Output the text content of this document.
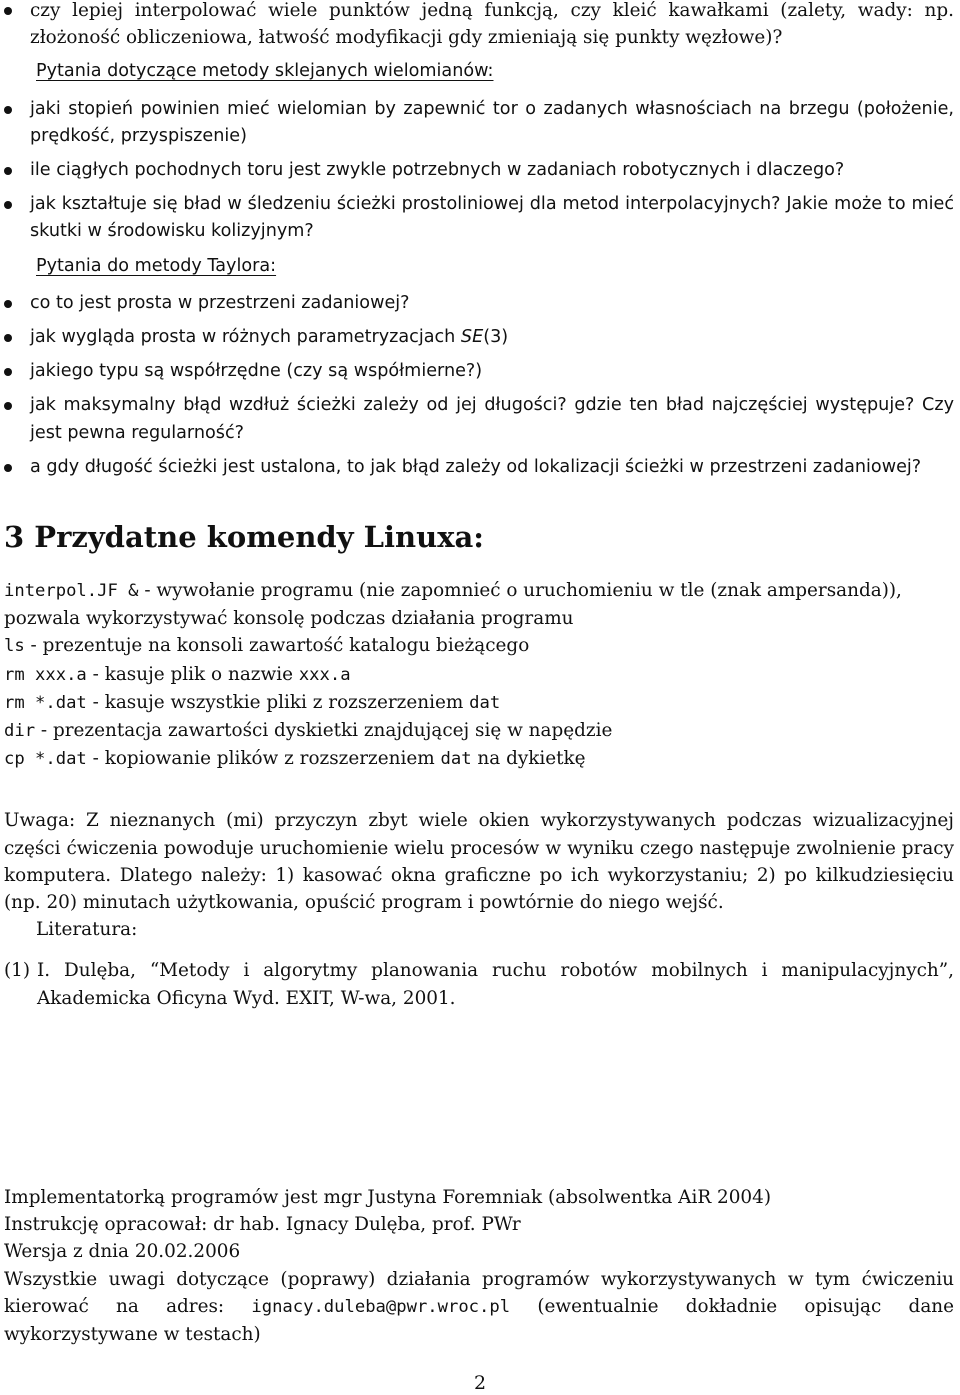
czy lepiej interpolować wiele punktów jedną funkcją, czy kleić kawałkami (zalety, wady: np. złożoność obliczeniowa, łatwość modyfikacji gdy zmieniają się punkty węzłowe)?
Pytania dotyczące metody sklejanych wielomianów:
jaki stopień powinien mieć wielomian by zapewnić tor o zadanych własnościach na brzegu (położenie, prędkość, przyspiszenie)
ile ciągłych pochodnych toru jest zwykle potrzebnych w zadaniach robotycznych i dlaczego?
jak kształtuje się bład w śledzeniu ścieżki prostoliniowej dla metod interpolacyjnych? Jakie może to mieć skutki w środowisku kolizyjnym?
Pytania do metody Taylora:
co to jest prosta w przestrzeni zadaniowej?
jak wygląda prosta w różnych parametryzacjach SE(3)
jakiego typu są współrzędne (czy są współmierne?)
jak maksymalny błąd wzdłuż ścieżki zależy od jej długości? gdzie ten bład najczęściej występuje? Czy jest pewna regularność?
a gdy długość ścieżki jest ustalona, to jak błąd zależy od lokalizacji ścieżki w przestrzeni zadaniowej?
3 Przydatne komendy Linuxa:
interpol.JF & - wywołanie programu (nie zapomnieć o uruchomieniu w tle (znak ampersanda)), pozwala wykorzystywać konsolę podczas działania programu
ls - prezentuje na konsoli zawartość katalogu bieżącego
rm xxx.a - kasuje plik o nazwie xxx.a
rm *.dat - kasuje wszystkie pliki z rozszerzeniem dat
dir - prezentacja zawartości dyskietki znajdującej się w napędzie
cp *.dat - kopiowanie plików z rozszerzeniem dat na dykietkę
Uwaga: Z nieznanych (mi) przyczyn zbyt wiele okien wykorzystywanych podczas wizualizacyjnej części ćwiczenia powoduje uruchomienie wielu procesów w wyniku czego następuje zwolnienie pracy komputera. Dlatego należy: 1) kasować okna graficzne po ich wykorzystaniu; 2) po kilkudziesięciu (np. 20) minutach użytkowania, opuścić program i powtórnie do niego wejść.
Literatura:
(1) I. Dulęba, “Metody i algorytmy planowania ruchu robotów mobilnych i manipulacyjnych”, Akademicka Oficyna Wyd. EXIT, W-wa, 2001.
Implementatorką programów jest mgr Justyna Foremniak (absolwentka AiR 2004)
Instrukcję opracował: dr hab. Ignacy Dulęba, prof. PWr
Wersja z dnia 20.02.2006
Wszystkie uwagi dotyczące (poprawy) działania programów wykorzystywanych w tym ćwiczeniu kierować na adres: ignacy.duleba@pwr.wroc.pl (ewentualnie dokładnie opisując dane wykorzystywane w testach)
2
